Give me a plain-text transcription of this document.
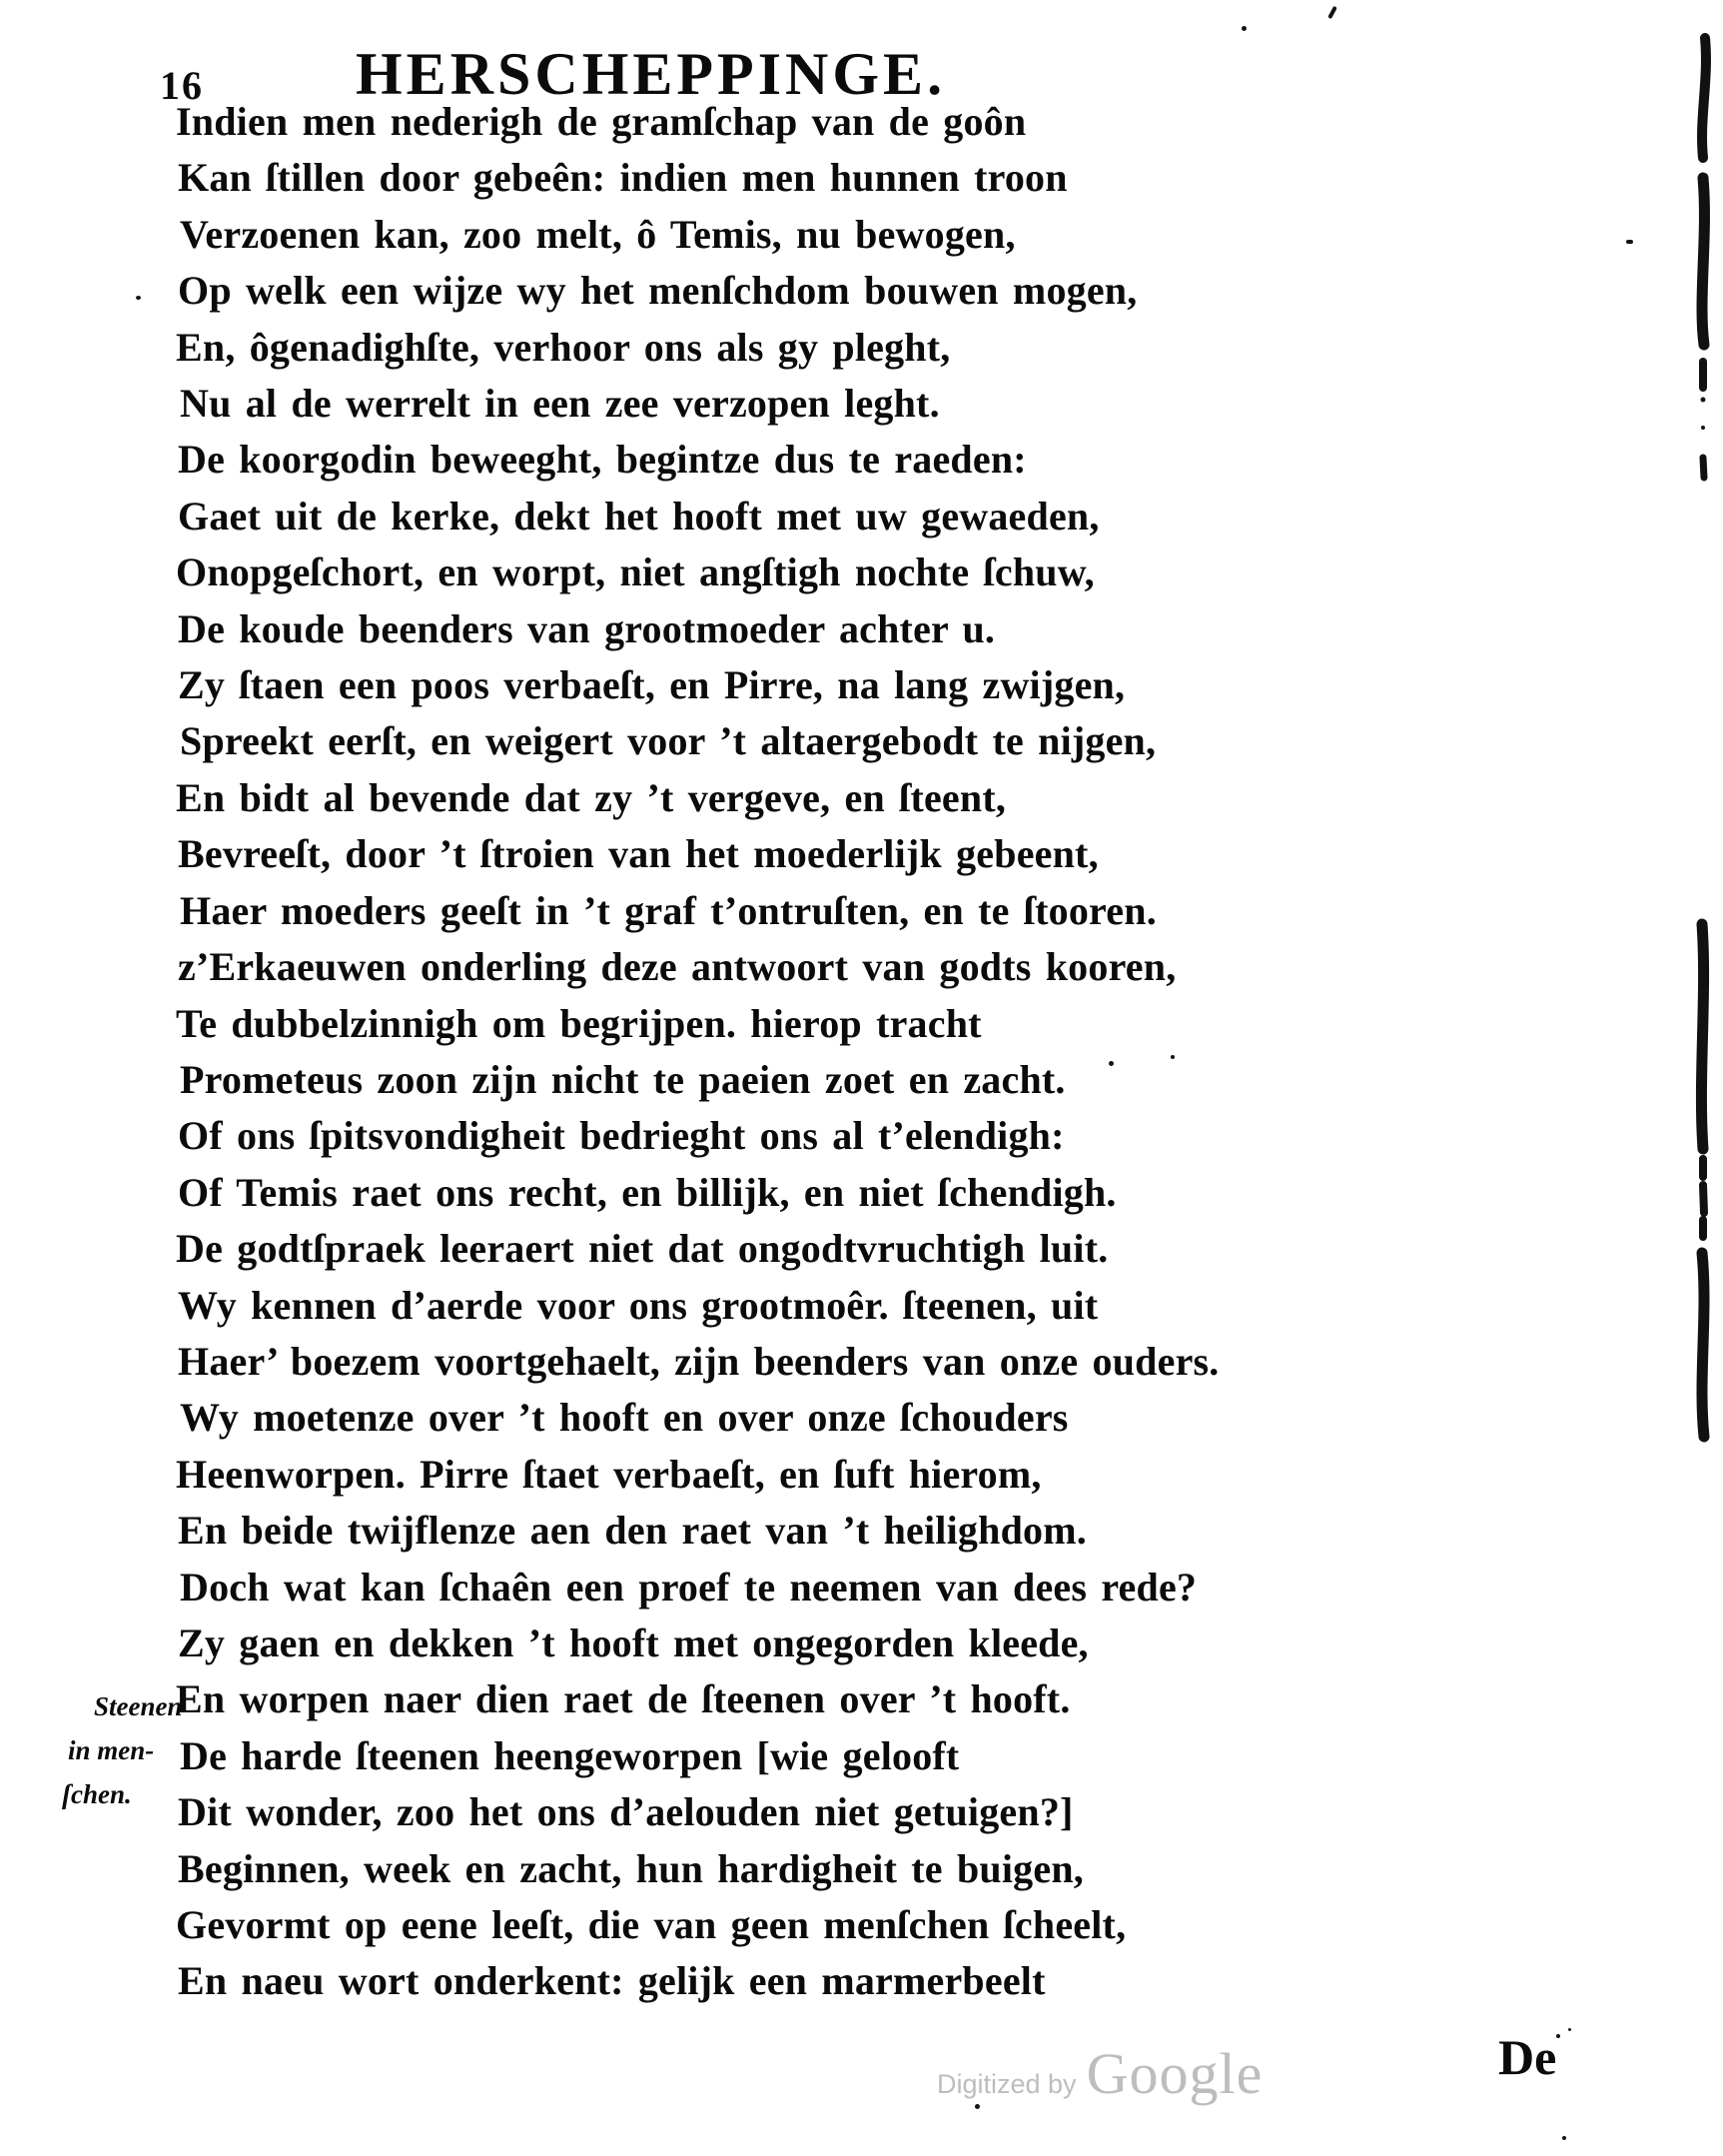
16	HERSCHEPPINGE.
Indien men nederigh de gramſchap van de goôn
Kan ſtillen door gebeên: indien men hunnen troon
Verzoenen kan, zoo melt, ô Temis, nu bewogen,
Op welk een wijze wy het menſchdom bouwen mogen,
En, ôgenadighſte, verhoor ons als gy pleght,
Nu al de werrelt in een zee verzopen leght.
De koorgodin beweeght, begintze dus te raeden:
Gaet uit de kerke, dekt het hooft met uw gewaeden,
Onopgeſchort, en worpt, niet angſtigh nochte ſchuw,
De koude beenders van grootmoeder achter u.
Zy ſtaen een poos verbaeſt, en Pirre, na lang zwijgen,
Spreekt eerſt, en weigert voor ’t altaergebodt te nijgen,
En bidt al bevende dat zy ’t vergeve, en ſteent,
Bevreeſt, door ’t ſtroien van het moederlijk gebeent,
Haer moeders geeſt in ’t graf t’ontruſten, en te ſtooren.
z’Erkaeuwen onderling deze antwoort van godts kooren,
Te dubbelzinnigh om begrijpen. hierop tracht
Prometeus zoon zijn nicht te paeien zoet en zacht.
Of ons ſpitsvondigheit bedrieght ons al t’elendigh:
Of Temis raet ons recht, en billijk, en niet ſchendigh.
De godtſpraek leeraert niet dat ongodtvruchtigh luit.
Wy kennen d’aerde voor ons grootmoêr. ſteenen, uit
Haer’ boezem voortgehaelt, zijn beenders van onze ouders.
Wy moetenze over ’t hooft en over onze ſchouders
Heenworpen. Pirre ſtaet verbaeſt, en ſuft hierom,
En beide twijflenze aen den raet van ’t heilighdom.
Doch wat kan ſchaên een proef te neemen van dees rede?
Zy gaen en dekken ’t hooft met ongegorden kleede,
En worpen naer dien raet de ſteenen over ’t hooft.
De harde ſteenen heengeworpen [wie gelooft
Dit wonder, zoo het ons d’aelouden niet getuigen?]
Beginnen, week en zacht, hun hardigheit te buigen,
Gevormt op eene leeſt, die van geen menſchen ſcheelt,
En naeu wort onderkent: gelijk een marmerbeelt
Steenen
in men-
ſchen.
Digitized by Google	De
